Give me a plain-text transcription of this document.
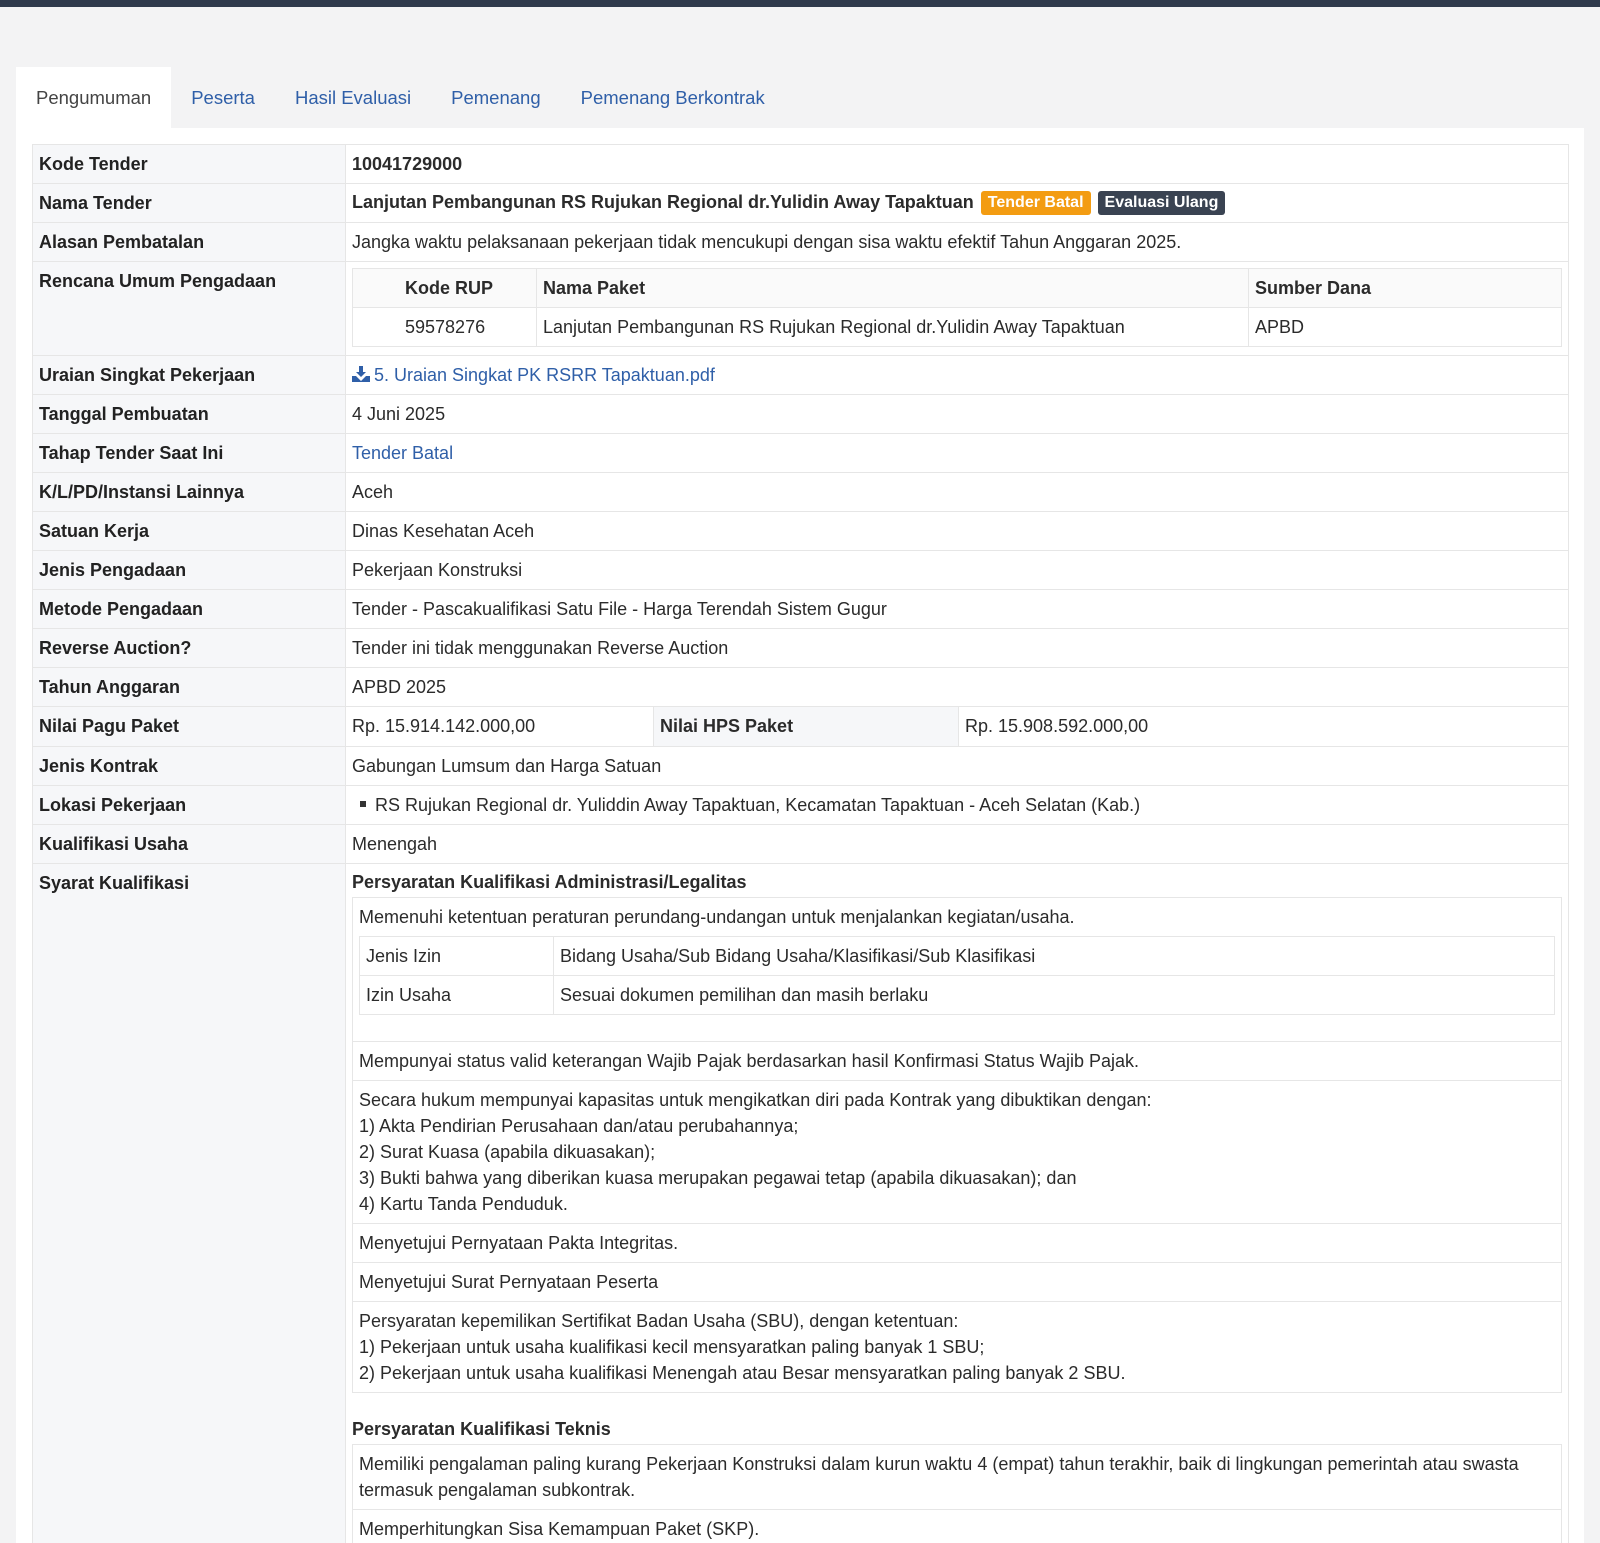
Pengumuman	Peserta	Hasil Evaluasi	Pemenang	Pemenang Berkontrak
Kode Tender	10041729000
Nama Tender	Lanjutan Pembangunan RS Rujukan Regional dr.Yulidin Away Tapaktuan Tender Batal Evaluasi Ulang
Alasan Pembatalan	Jangka waktu pelaksanaan pekerjaan tidak mencukupi dengan sisa waktu efektif Tahun Anggaran 2025.
Rencana Umum Pengadaan		Kode RUP	Nama Paket	Sumber Dana
59578276	Lanjutan Pembangunan RS Rujukan Regional dr.Yulidin Away Tapaktuan	APBD

Uraian Singkat Pekerjaan	5. Uraian Singkat PK RSRR Tapaktuan.pdf
Tanggal Pembuatan	4 Juni 2025
Tahap Tender Saat Ini	Tender Batal
K/L/PD/Instansi Lainnya	Aceh
Satuan Kerja	Dinas Kesehatan Aceh
Jenis Pengadaan	Pekerjaan Konstruksi
Metode Pengadaan	Tender - Pascakualifikasi Satu File - Harga Terendah Sistem Gugur
Reverse Auction?	Tender ini tidak menggunakan Reverse Auction
Tahun Anggaran	APBD 2025
Nilai Pagu Paket	Rp. 15.914.142.000,00	Nilai HPS Paket	Rp. 15.908.592.000,00

Jenis Kontrak	Gabungan Lumsum dan Harga Satuan
Lokasi Pekerjaan	RS Rujukan Regional dr. Yuliddin Away Tapaktuan, Kecamatan Tapaktuan - Aceh Selatan (Kab.)
Kualifikasi Usaha	Menengah
Syarat Kualifikasi	Persyaratan Kualifikasi Administrasi/Legalitas
Memenuhi ketentuan peraturan perundang-undangan untuk menjalankan kegiatan/usaha.
Jenis Izin	Bidang Usaha/Sub Bidang Usaha/Klasifikasi/Sub Klasifikasi
Izin Usaha	Sesuai dokumen pemilihan dan masih berlaku
Mempunyai status valid keterangan Wajib Pajak berdasarkan hasil Konfirmasi Status Wajib Pajak.
Secara hukum mempunyai kapasitas untuk mengikatkan diri pada Kontrak yang dibuktikan dengan:
1) Akta Pendirian Perusahaan dan/atau perubahannya;
2) Surat Kuasa (apabila dikuasakan);
3) Bukti bahwa yang diberikan kuasa merupakan pegawai tetap (apabila dikuasakan); dan
4) Kartu Tanda Penduduk.
Menyetujui Pernyataan Pakta Integritas.
Menyetujui Surat Pernyataan Peserta
Persyaratan kepemilikan Sertifikat Badan Usaha (SBU), dengan ketentuan:
1) Pekerjaan untuk usaha kualifikasi kecil mensyaratkan paling banyak 1 SBU;
2) Pekerjaan untuk usaha kualifikasi Menengah atau Besar mensyaratkan paling banyak 2 SBU.
Persyaratan Kualifikasi Teknis
Memiliki pengalaman paling kurang Pekerjaan Konstruksi dalam kurun waktu 4 (empat) tahun terakhir, baik di lingkungan pemerintah atau swasta termasuk pengalaman subkontrak.
Memperhitungkan Sisa Kemampuan Paket (SKP).
